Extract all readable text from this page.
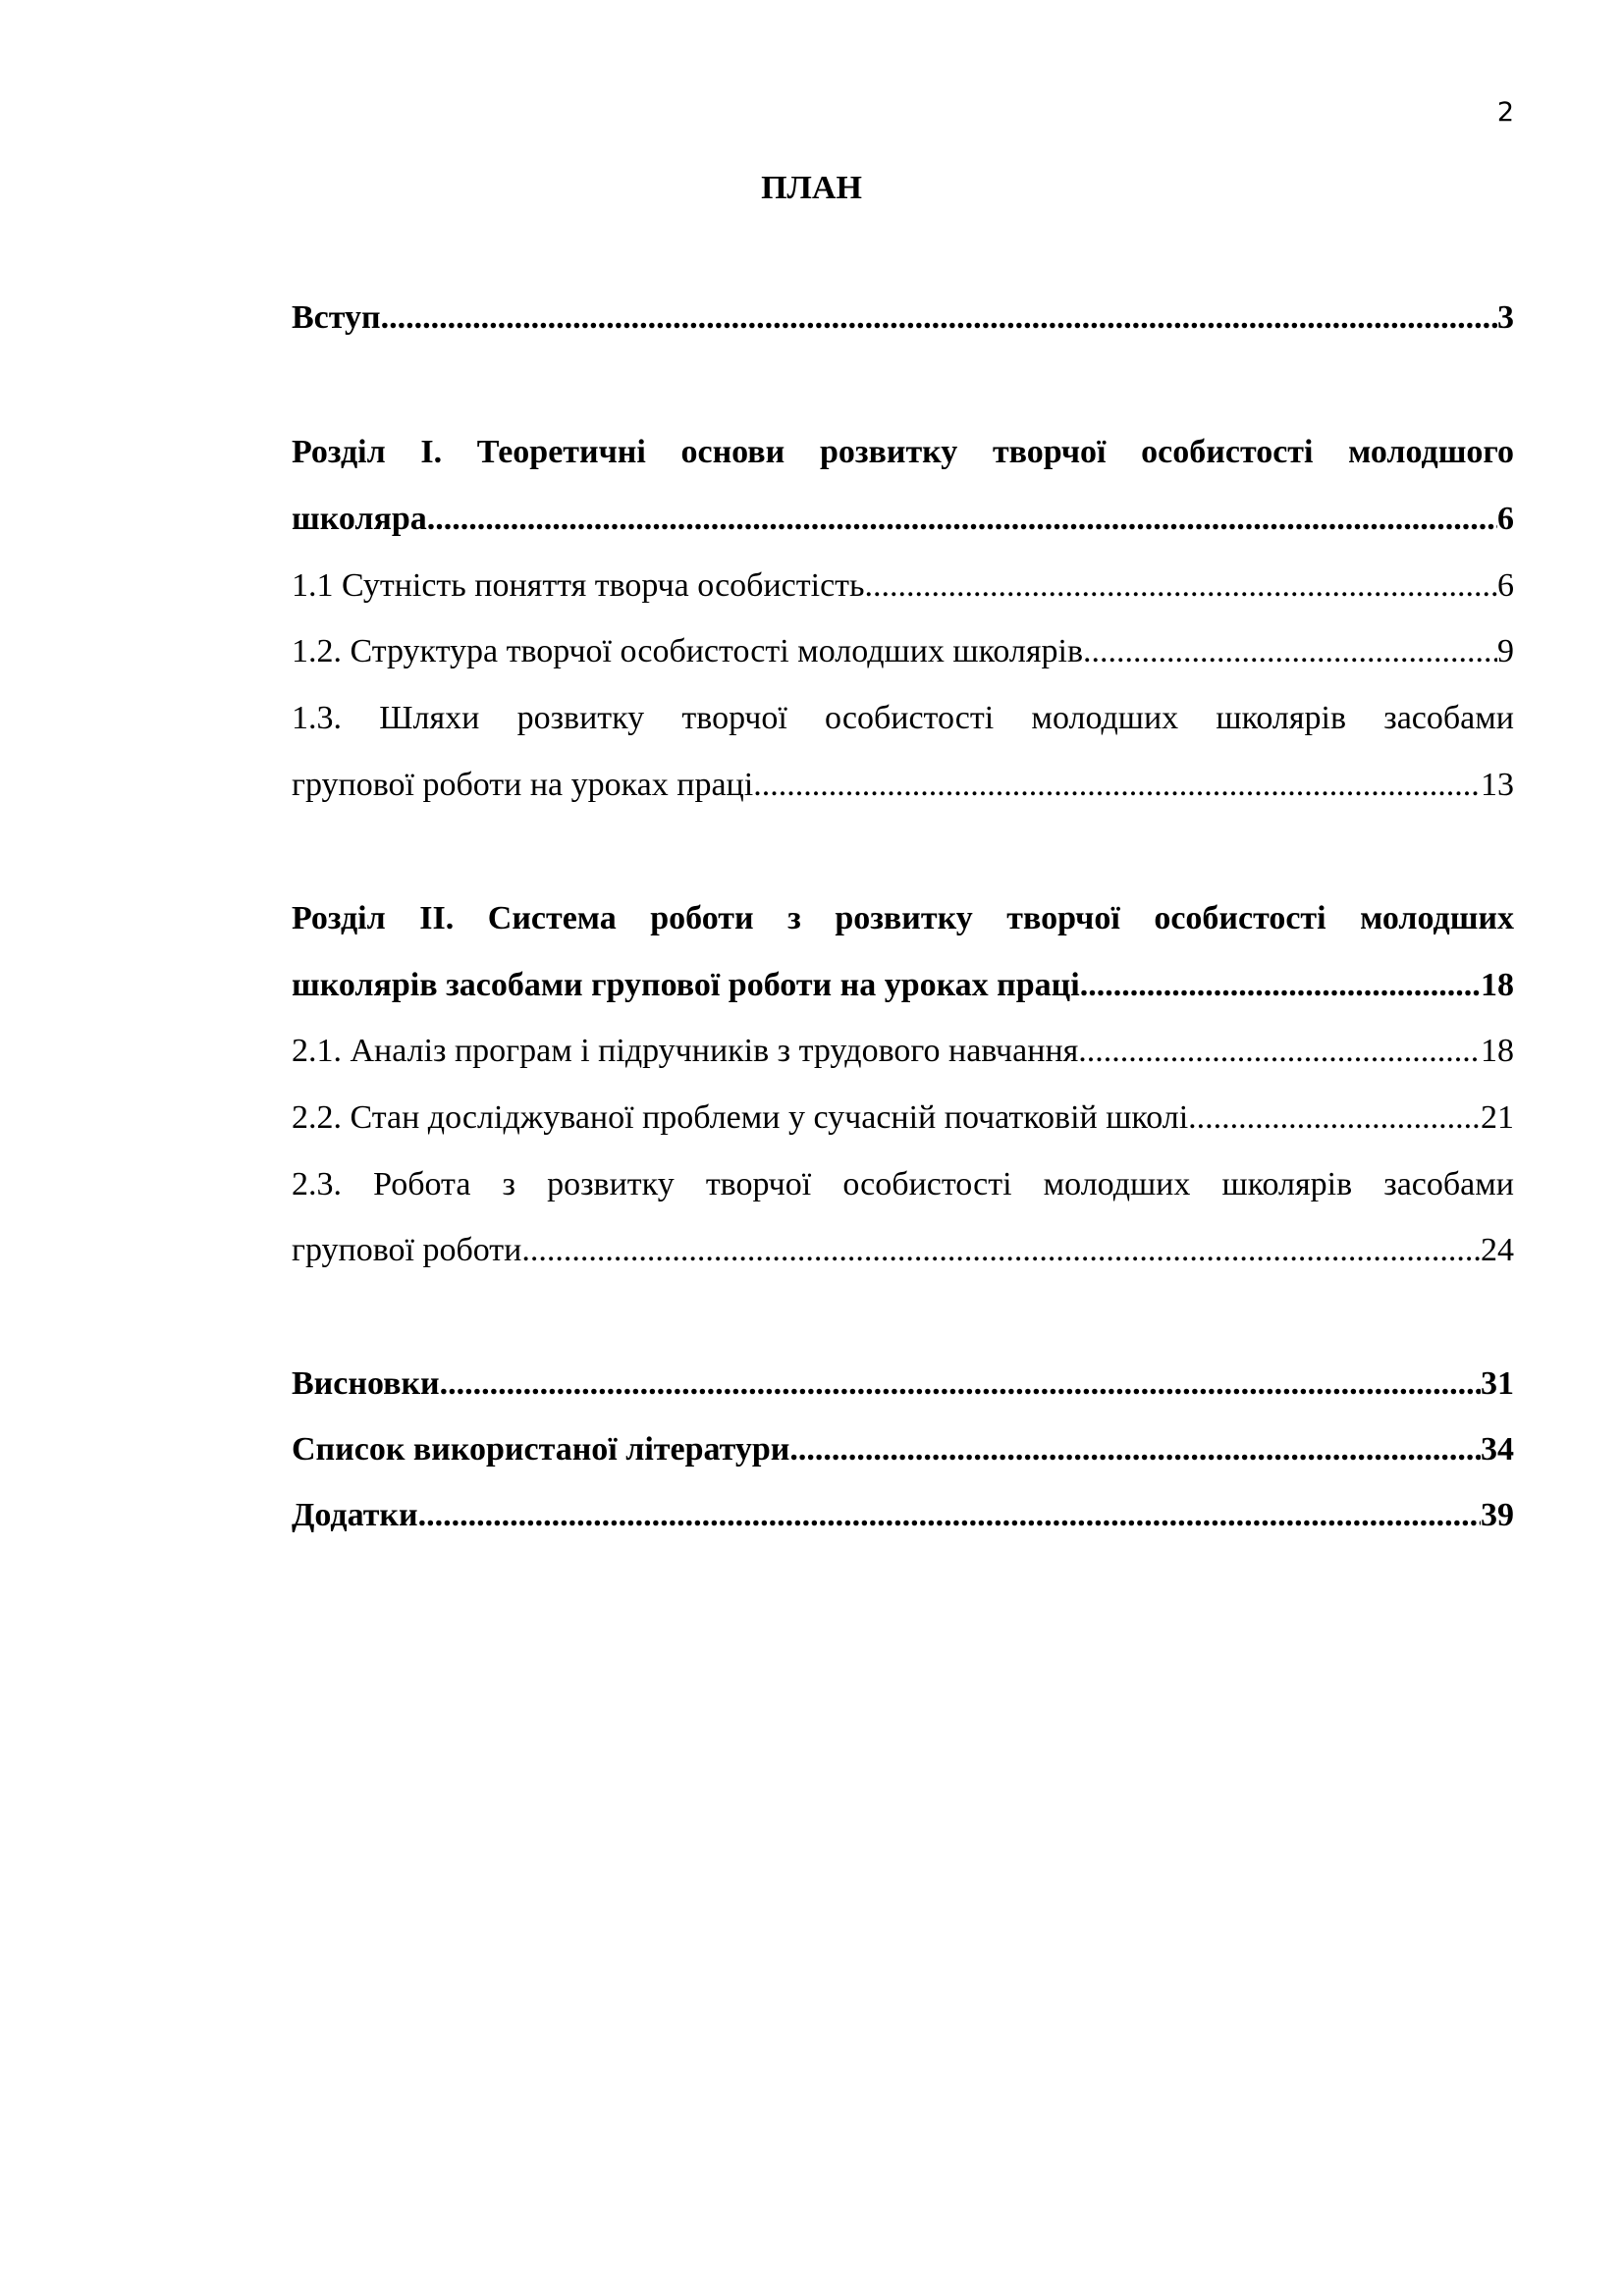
2
ПЛАН
Вступ .....	3
Розділ I. Теоретичні основи розвитку творчої особистості молодшого
школяра .....	6
1.1 Сутність поняття творча особистість .....	6
1.2. Структура творчої особистості молодших школярів .....	9
1.3. Шляхи розвитку творчої особистості молодших школярів засобами
групової роботи на уроках праці .....	13
Розділ II. Система роботи з розвитку творчої особистості молодших
школярів засобами групової роботи на уроках праці .....	18
2.1. Аналіз програм і підручників з трудового навчання .....	18
2.2. Стан досліджуваної проблеми у сучасній початковій школі .....	21
2.3. Робота з розвитку творчої особистості молодших школярів засобами
групової роботи .....	24
Висновки .....	31
Список використаної літератури .....	34
Додатки .....	39
